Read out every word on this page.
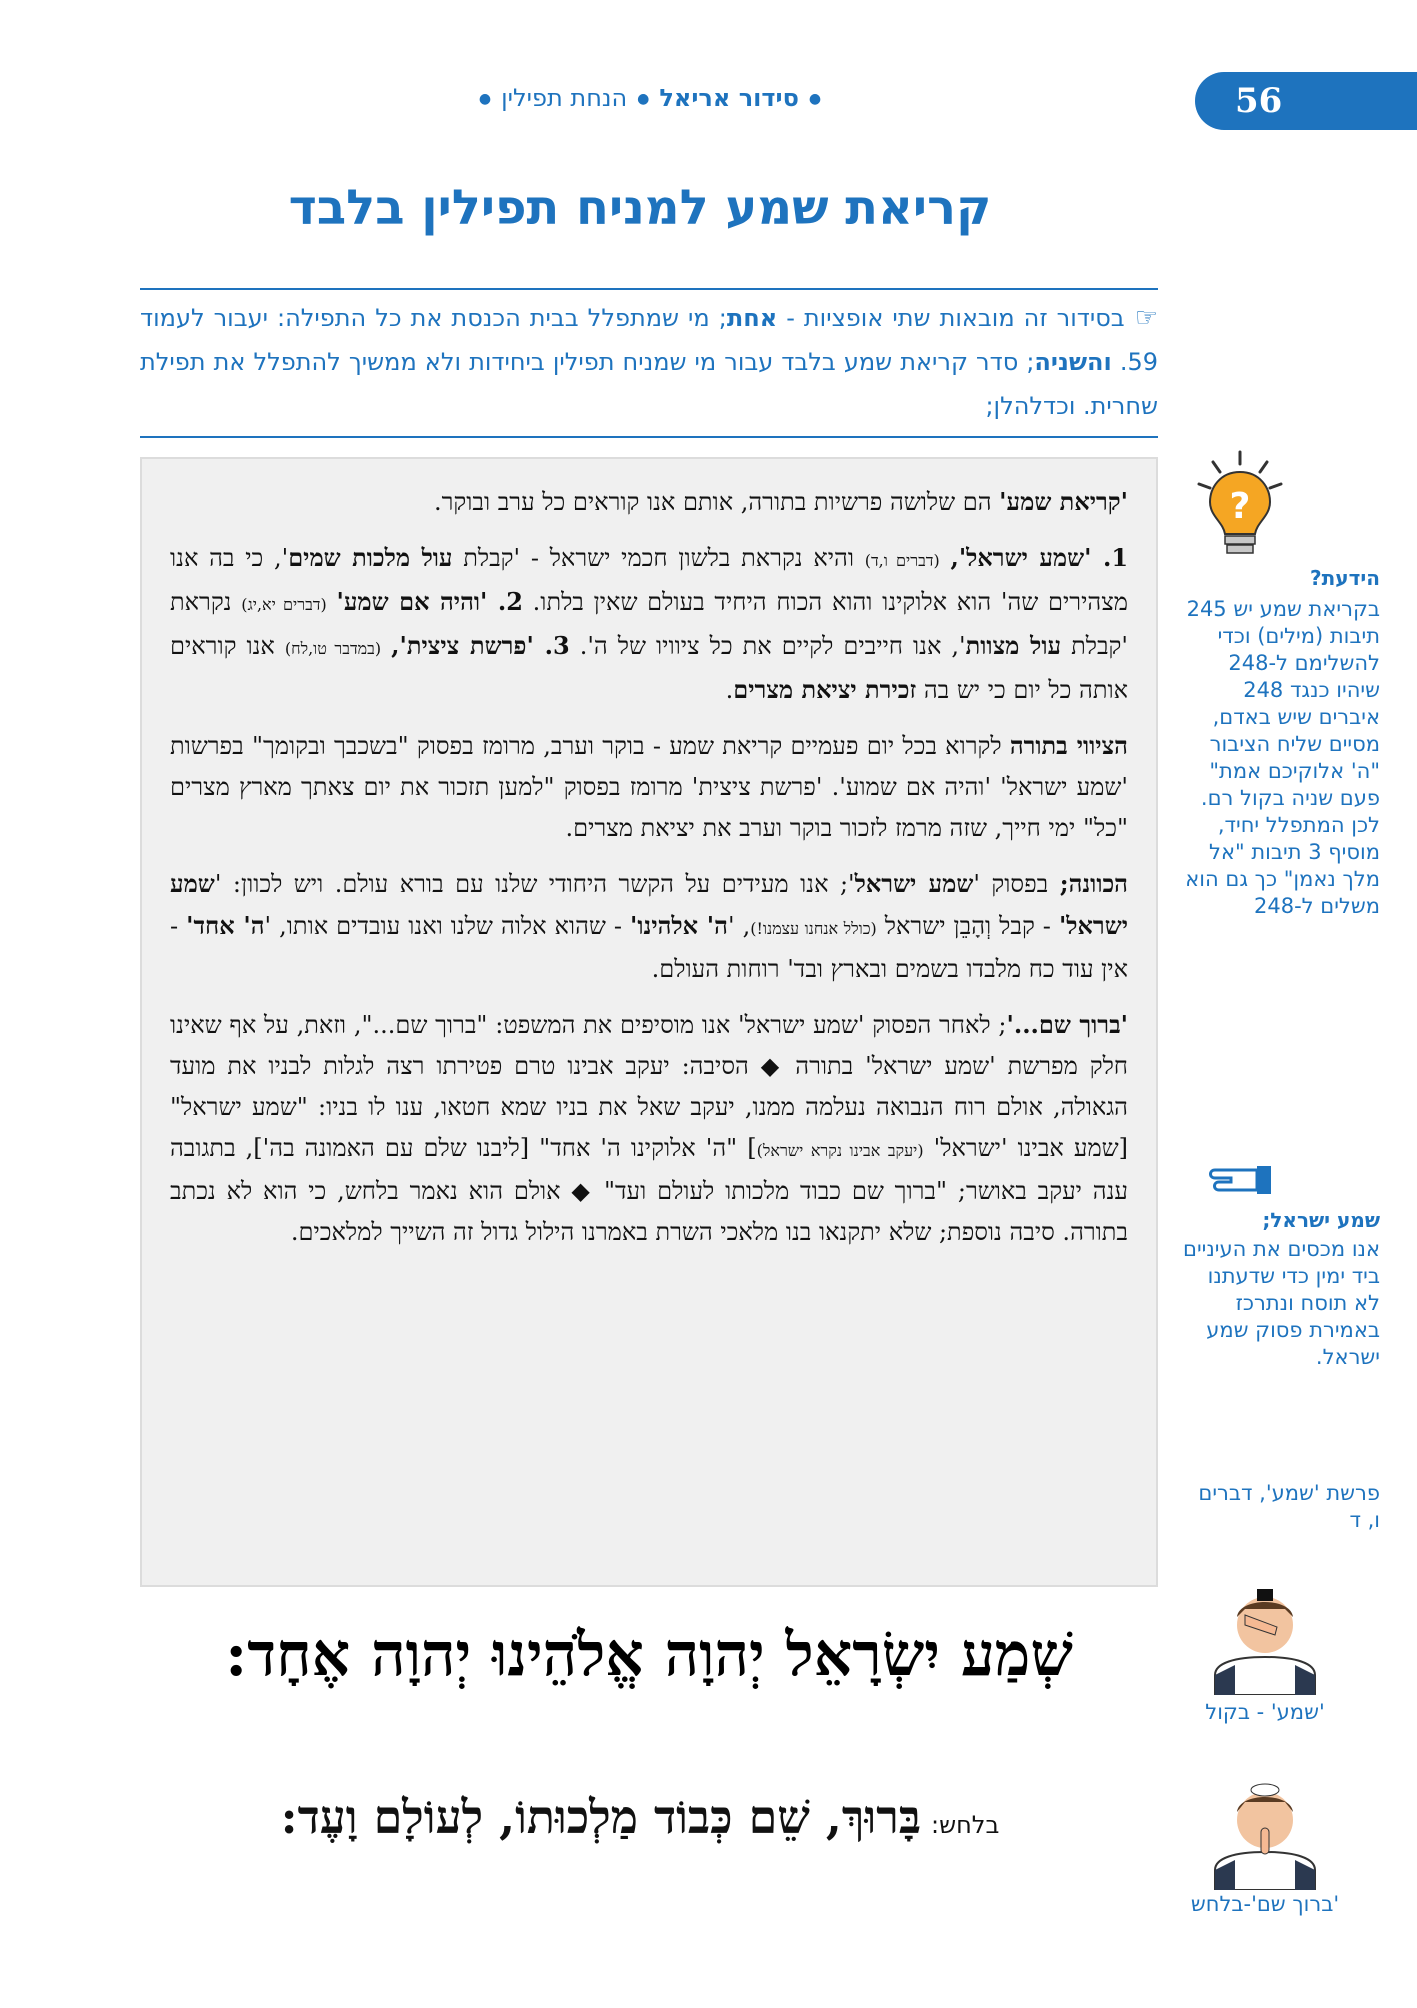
56
●סידור אריאל●הנחת תפילין●
קריאת שמע למניח תפילין בלבד
☞בסידור זה מובאות שתי אופציות - אחת; מי שמתפלל בבית הכנסת את כל התפילה: יעבור לעמוד 59. והשניה; סדר קריאת שמע בלבד עבור מי שמניח תפילין ביחידות ולא ממשיך להתפלל את תפילת שחרית. וכדלהלן;

'קריאת שמע' הם שלושה פרשיות בתורה, אותם אנו קוראים כל ערב ובוקר.

1. 'שמע ישראל', (דברים ו,ד) והיא נקראת בלשון חכמי ישראל - 'קבלת עול מלכות שמים', כי בה אנו מצהירים שה' הוא אלוקינו והוא הכוח היחיד בעולם שאין בלתו. 2. 'והיה אם שמע' (דברים יא,יג) נקראת 'קבלת עול מצוות', אנו חייבים לקיים את כל ציוויו של ה'. 3. 'פרשת ציצית', (במדבר טו,לח) אנו קוראים אותה כל יום כי יש בה זכירת יציאת מצרים.

הציווי בתורה לקרוא בכל יום פעמיים קריאת שמע - בוקר וערב, מרומז בפסוק "בשכבך ובקומך" בפרשות 'שמע ישראל' 'והיה אם שמוע'. 'פרשת ציצית' מרומז בפסוק "למען תזכור את יום צאתך מארץ מצרים "כל" ימי חייך, שזה מרמז לזכור בוקר וערב את יציאת מצרים.

הכוונה; בפסוק 'שמע ישראל'; אנו מעידים על הקשר היחודי שלנו עם בורא עולם. ויש לכוון: 'שמע ישראל' - קבל וְהָבֵן ישראל (כולל אנחנו עצמנו!), 'ה' אלהינו' - שהוא אלוה שלנו ואנו עובדים אותו, 'ה' אחד' - אין עוד כח מלבדו בשמים ובארץ ובד' רוחות העולם.

'ברוך שם...'; לאחר הפסוק 'שמע ישראל' אנו מוסיפים את המשפט: "ברוך שם...", וזאת, על אף שאינו חלק מפרשת 'שמע ישראל' בתורה ◆ הסיבה: יעקב אבינו טרם פטירתו רצה לגלות לבניו את מועד הגאולה, אולם רוח הנבואה נעלמה ממנו, יעקב שאל את בניו שמא חטאו, ענו לו בניו: "שמע ישראל" [שמע אבינו 'ישראל' (יעקב אבינו נקרא ישראל)] "ה' אלוקינו ה' אחד" [ליבנו שלם עם האמונה בה'], בתגובה ענה יעקב באושר; "ברוך שם כבוד מלכותו לעולם ועד" ◆ אולם הוא נאמר בלחש, כי הוא לא נכתב בתורה. סיבה נוספת; שלא יתקנאו בנו מלאכי השרת באמרנו הילול גדול זה השייך למלאכים.

שְׁמַע יִשְׂרָאֵל יְהוָה אֱלֹהֵינוּ יְהוָה אֶחָד:
בלחש:בָּרוּךְ, שֵׁם כְּבוֹד מַלְכוּתוֹ, לְעוֹלָם וָעֶד:
?
הידעת?
בקריאת שמע יש 245 תיבות (מילים) וכדי להשלימם ל-248 שיהיו כנגד 248 איברים שיש באדם, מסיים שליח הציבור "ה' אלוקיכם אמת" פעם שניה בקול רם. לכן המתפלל יחיד, מוסיף 3 תיבות "אל מלך נאמן" כך גם הוא משלים ל-248
שמע ישראל;
אנו מכסים את העיניים ביד ימין כדי שדעתנו לא תוסח ונתרכז באמירת פסוק שמע ישראל.
פרשת 'שמע', דברים ו, ד
'שמע' - בקול
'ברוך שם'-בלחש
